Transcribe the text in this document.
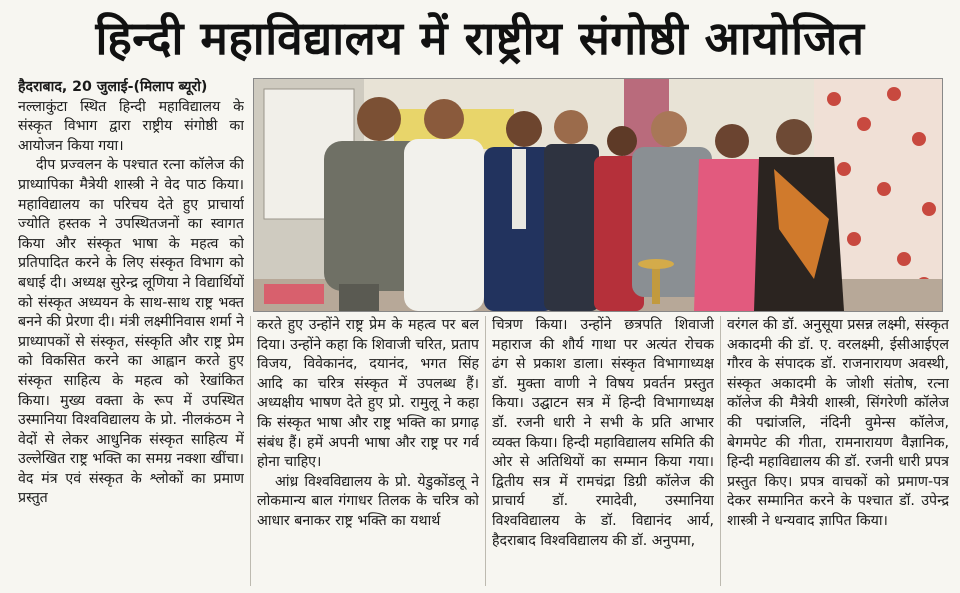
हिन्दी महाविद्यालय में राष्ट्रीय संगोष्ठी आयोजित

हैदराबाद, 20 जुलाई-(मिलाप ब्यूरो)

नल्लाकुंटा स्थित हिन्दी महाविद्यालय के संस्कृत विभाग द्वारा राष्ट्रीय संगोष्ठी का आयोजन किया गया।

दीप प्रज्वलन के पश्चात रत्ना कॉलेज की प्राध्यापिका मैत्रेयी शास्त्री ने वेद पाठ किया। महाविद्यालय का परिचय देते हुए प्राचार्या ज्योति हस्तक ने उपस्थितजनों का स्वागत किया और संस्कृत भाषा के महत्व को प्रतिपादित करने के लिए संस्कृत विभाग को बधाई दी। अध्यक्ष सुरेन्द्र लूणिया ने विद्यार्थियों को संस्कृत अध्ययन के साथ-साथ राष्ट्र भक्त बनने की प्रेरणा दी। मंत्री लक्ष्मीनिवास शर्मा ने प्राध्यापकों से संस्कृत, संस्कृति और राष्ट्र प्रेम को विकसित करने का आह्वान करते हुए संस्कृत साहित्य के महत्व को रेखांकित किया। मुख्य वक्ता के रूप में उपस्थित उस्मानिया विश्वविद्यालय के प्रो. नीलकंठम ने वेदों से लेकर आधुनिक संस्कृत साहित्य में उल्लेखित राष्ट्र भक्ति का समग्र नक्शा खींचा। वेद मंत्र एवं संस्कृत के श्लोकों का प्रमाण प्रस्तुत

करते हुए उन्होंने राष्ट्र प्रेम के महत्व पर बल दिया। उन्होंने कहा कि शिवाजी चरित, प्रताप विजय, विवेकानंद, दयानंद, भगत सिंह आदि का चरित्र संस्कृत में उपलब्ध हैं। अध्यक्षीय भाषण देते हुए प्रो. रामुलू ने कहा कि संस्कृत भाषा और राष्ट्र भक्ति का प्रगाढ़ संबंध हैं। हमें अपनी भाषा और राष्ट्र पर गर्व होना चाहिए।

आंध्र विश्वविद्यालय के प्रो. येडुकोंडलू ने लोकमान्य बाल गंगाधर तिलक के चरित्र को आधार बनाकर राष्ट्र भक्ति का यथार्थ

चित्रण किया। उन्होंने छत्रपति शिवाजी महाराज की शौर्य गाथा पर अत्यंत रोचक ढंग से प्रकाश डाला। संस्कृत विभागाध्यक्ष डॉ. मुक्ता वाणी ने विषय प्रवर्तन प्रस्तुत किया। उद्घाटन सत्र में हिन्दी विभागाध्यक्ष डॉ. रजनी धारी ने सभी के प्रति आभार व्यक्त किया। हिन्दी महाविद्यालय समिति की ओर से अतिथियों का सम्मान किया गया। द्वितीय सत्र में रामचंद्रा डिग्री कॉलेज की प्राचार्य डॉ. रमादेवी, उस्मानिया विश्वविद्यालय के डॉ. विद्यानंद आर्य, हैदराबाद विश्वविद्यालय की डॉ. अनुपमा,

वरंगल की डॉ. अनुसूया प्रसन्न लक्ष्मी, संस्कृत अकादमी की डॉ. ए. वरलक्ष्मी, ईसीआईएल गौरव के संपादक डॉ. राजनारायण अवस्थी, संस्कृत अकादमी के जोशी संतोष, रत्ना कॉलेज की मैत्रेयी शास्त्री, सिंगरेणी कॉलेज की पद्मांजलि, नंदिनी वुमेन्स कॉलेज, बेगमपेट की गीता, रामनारायण वैज्ञानिक, हिन्दी महाविद्यालय की डॉ. रजनी धारी प्रपत्र प्रस्तुत किए। प्रपत्र वाचकों को प्रमाण-पत्र देकर सम्मानित करने के पश्चात डॉ. उपेन्द्र शास्त्री ने धन्यवाद ज्ञापित किया।
